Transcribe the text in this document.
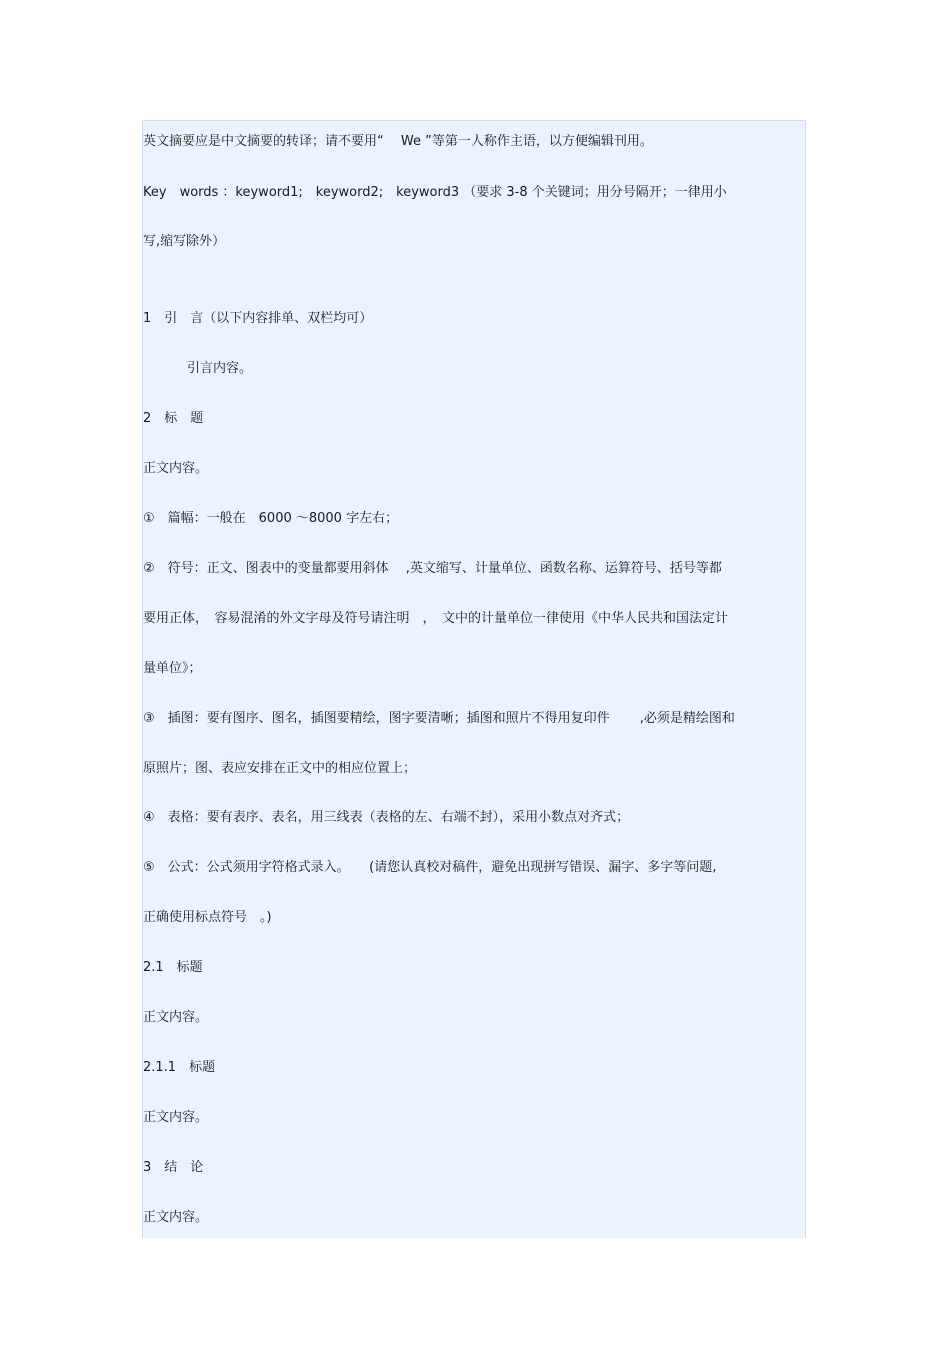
英文摘要应是中文摘要的转译；请不要用“　 We ”等第一人称作主语，以方便编辑刊用。
Key　words ：keyword1;　keyword2;　keyword3 （要求 3-8 个关键词；用分号隔开；一律用小
写,缩写除外）
1　引　言（以下内容排单、双栏均可）
引言内容。
2　标　题
正文内容。
①　篇幅：一般在　6000 ～8000 字左右；
②　符号：正文、图表中的变量都要用斜体　 ,英文缩写、计量单位、函数名称、运算符号、括号等都
要用正体，　容易混淆的外文字母及符号请注明　，　文中的计量单位一律使用《中华人民共和国法定计
量单位》；
③　插图：要有图序、图名，插图要精绘，图字要清晰；插图和照片不得用复印件　　 ,必须是精绘图和
原照片；图、表应安排在正文中的相应位置上；
④　表格：要有表序、表名，用三线表（表格的左、右端不封），采用小数点对齐式；
⑤　公式：公式须用字符格式录入。　　(请您认真校对稿件，避免出现拼写错误、漏字、多字等问题,
正确使用标点符号　。)
2.1　标题
正文内容。
2.1.1　标题
正文内容。
3　结　论
正文内容。
